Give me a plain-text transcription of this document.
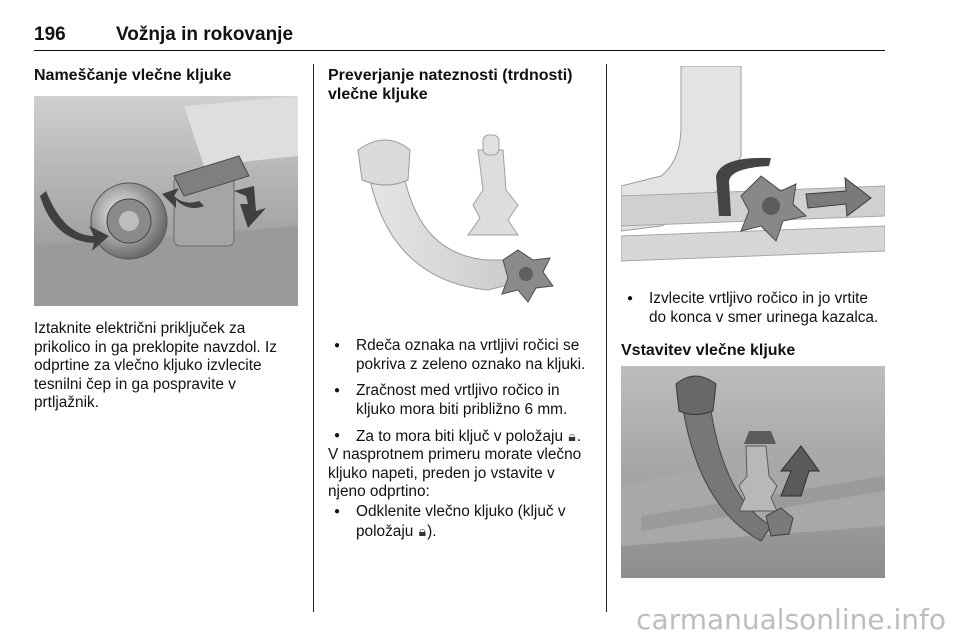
196	Vožnja in rokovanje
Nameščanje vlečne kljuke
Iztaknite električni priključek za prikolico in ga preklopite navzdol. Iz odprtine za vlečno kljuko izvlecite tesnilni čep in ga pospravite v prtljažnik.
Preverjanje nateznosti (trdnosti) vlečne kljuke
● Rdeča oznaka na vrtljivi ročici se pokriva z zeleno oznako na kljuki.
● Zračnost med vrtljivo ročico in kljuko mora biti približno 6 mm.
● Za to mora biti ključ v položaju 🔒︎.
V nasprotnem primeru morate vlečno kljuko napeti, preden jo vstavite v njeno odprtino:
● Odklenite vlečno kljuko (ključ v položaju 🔒︎).
● Izvlecite vrtljivo ročico in jo vrtite do konca v smer urinega kazalca.
Vstavitev vlečne kljuke
carmanualsonline.info
